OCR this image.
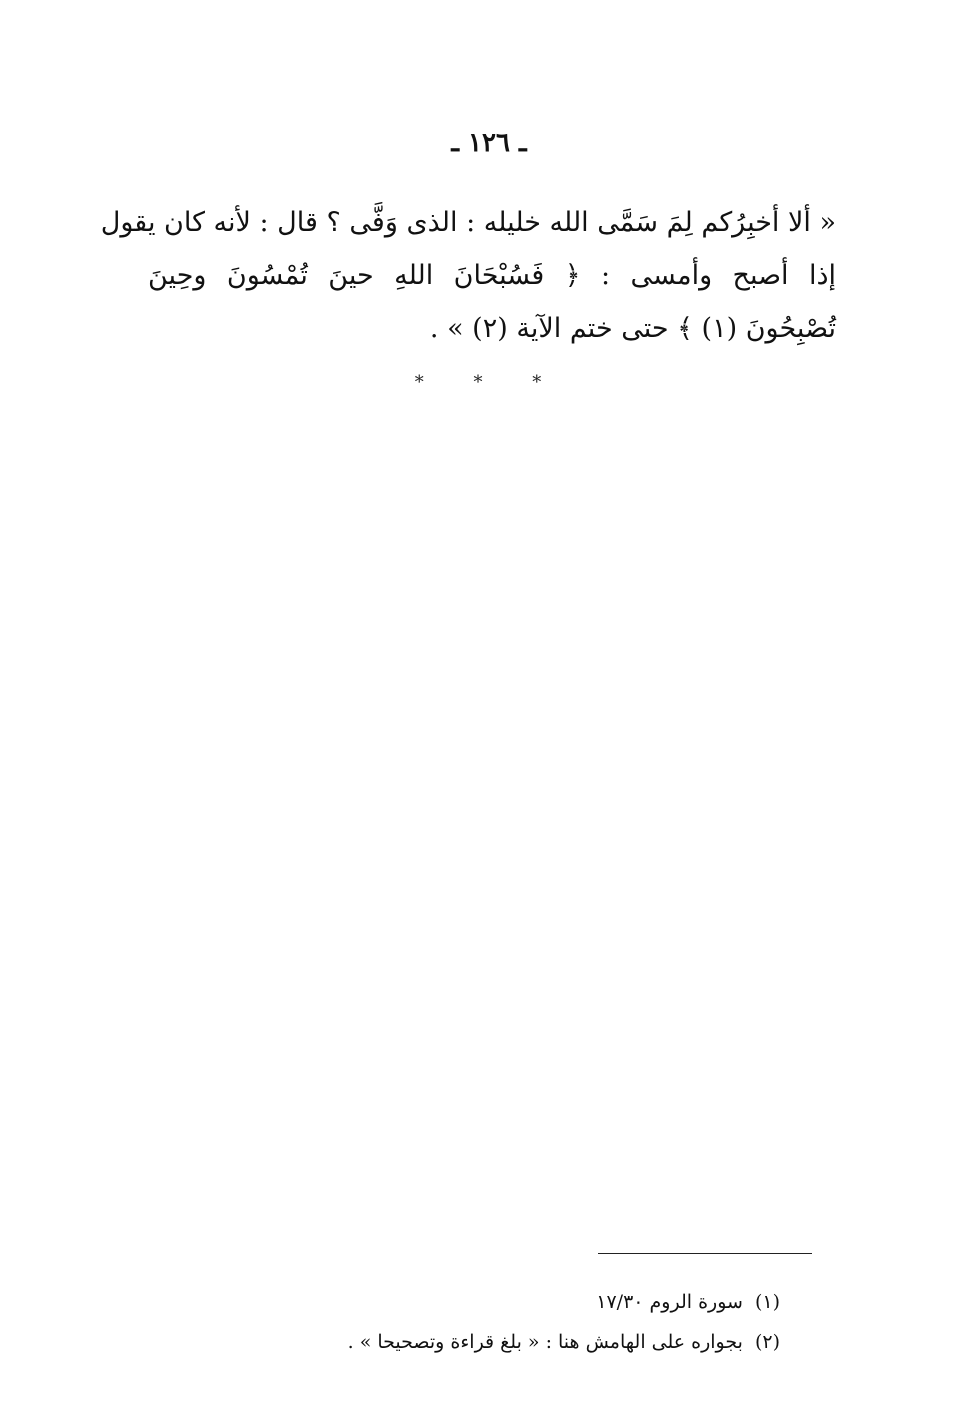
ـ ١٢٦ ـ
« ألا أخبِرُكم لِمَ سَمَّى الله خليله : الذى وَفَّى ؟ قال : لأنه كان يقول
إذا أصبح وأمسى : ﴿ فَسُبْحَانَ اللهِ حينَ تُمْسُونَ وحِينَ
تُصْبِحُونَ (١) ﴾ حتى ختم الآية (٢) » .
* * *
(١)سورة الروم ١٧/٣٠
(٢)بجواره على الهامش هنا : « بلغ قراءة وتصحيحا » .
